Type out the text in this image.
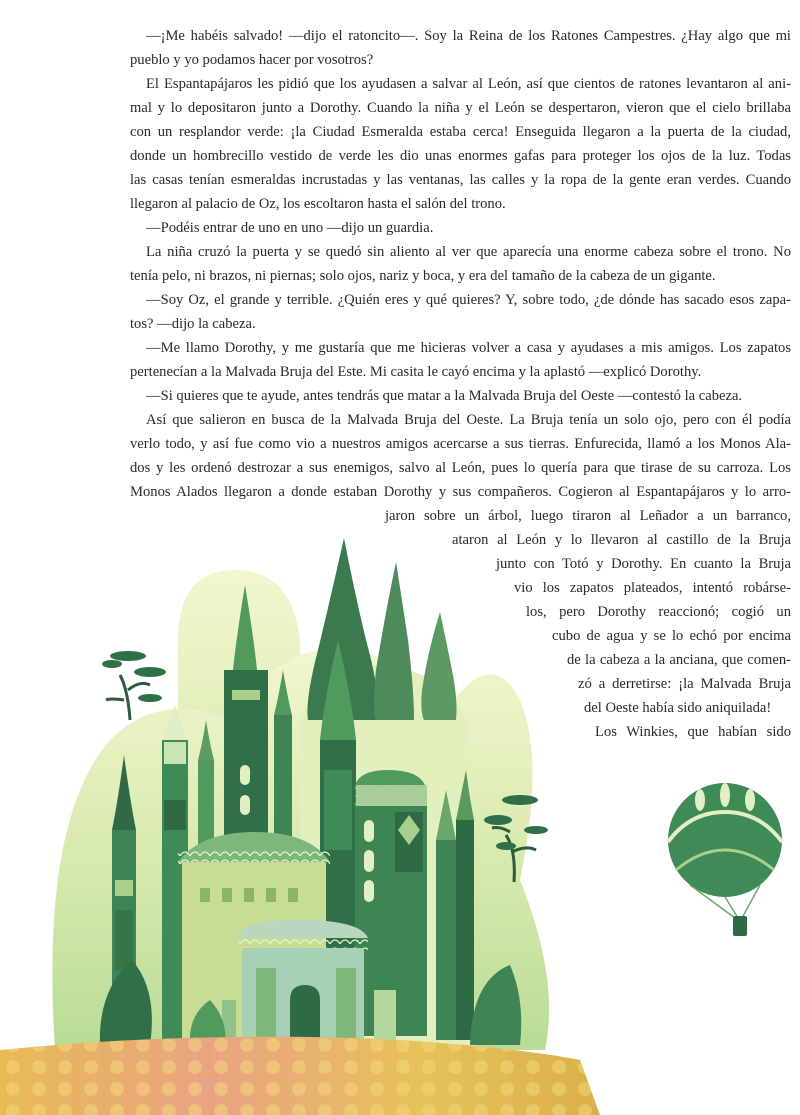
—¡Me habéis salvado! —dijo el ratoncito—. Soy la Reina de los Ratones Campestres. ¿Hay algo que mi
pueblo y yo podamos hacer por vosotros?
El Espantapájaros les pidió que los ayudasen a salvar al León, así que cientos de ratones levantaron al ani-
mal y lo depositaron junto a Dorothy. Cuando la niña y el León se despertaron, vieron que el cielo brillaba
con un resplandor verde: ¡la Ciudad Esmeralda estaba cerca! Enseguida llegaron a la puerta de la ciudad,
donde un hombrecillo vestido de verde les dio unas enormes gafas para proteger los ojos de la luz. Todas
las casas tenían esmeraldas incrustadas y las ventanas, las calles y la ropa de la gente eran verdes. Cuando
llegaron al palacio de Oz, los escoltaron hasta el salón del trono.
—Podéis entrar de uno en uno —dijo un guardia.
La niña cruzó la puerta y se quedó sin aliento al ver que aparecía una enorme cabeza sobre el trono. No
tenía pelo, ni brazos, ni piernas; solo ojos, nariz y boca, y era del tamaño de la cabeza de un gigante.
—Soy Oz, el grande y terrible. ¿Quién eres y qué quieres? Y, sobre todo, ¿de dónde has sacado esos zapa-
tos? —dijo la cabeza.
—Me llamo Dorothy, y me gustaría que me hicieras volver a casa y ayudases a mis amigos. Los zapatos
pertenecían a la Malvada Bruja del Este. Mi casita le cayó encima y la aplastó —explicó Dorothy.
—Si quieres que te ayude, antes tendrás que matar a la Malvada Bruja del Oeste —contestó la cabeza.
Así que salieron en busca de la Malvada Bruja del Oeste. La Bruja tenía un solo ojo, pero con él podía
verlo todo, y así fue como vio a nuestros amigos acercarse a sus tierras. Enfurecida, llamó a los Monos Ala-
dos y les ordenó destrozar a sus enemigos, salvo al León, pues lo quería para que tirase de su carroza. Los
Monos Alados llegaron a donde estaban Dorothy y sus compañeros. Cogieron al Espantapájaros y lo arro-
jaron sobre un árbol, luego tiraron al Leñador a un barranco,
ataron al León y lo llevaron al castillo de la Bruja
junto con Totó y Dorothy. En cuanto la Bruja
vio los zapatos plateados, intentó robárse-
los, pero Dorothy reaccionó; cogió un
cubo de agua y se lo echó por encima
de la cabeza a la anciana, que comen-
zó a derretirse: ¡la Malvada Bruja
del Oeste había sido aniquilada!
Los Winkies, que habían sido
